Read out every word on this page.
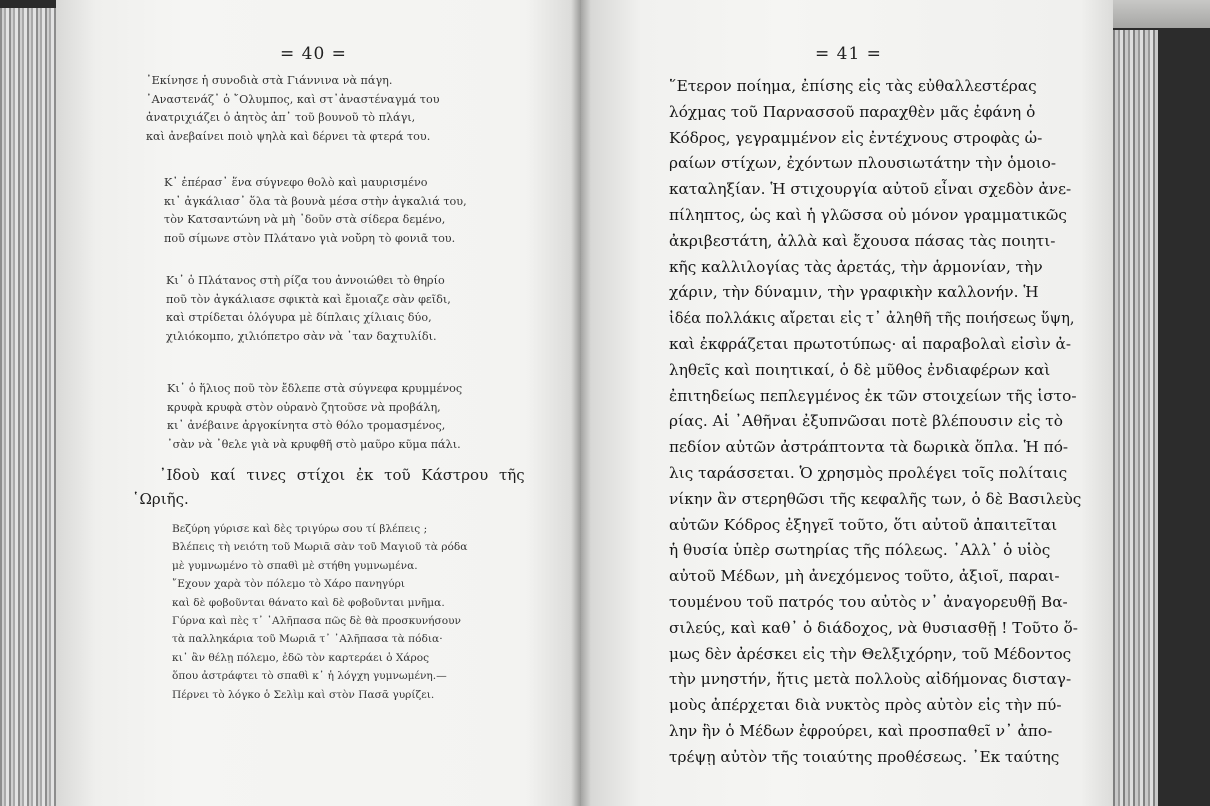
= 40 =
᾿Εκίνησε ἡ συνοδιὰ στὰ Γιάννινα νὰ πάγη.
᾿Αναστενάζ᾽ ὁ ῎Ολυμπος, καὶ στ᾽ἀναστέναγμά του
ἀνατριχιάζει ὁ ἀητὸς ἀπ᾽ τοῦ βουνοῦ τὸ πλάγι,
καὶ ἀνεβαίνει ποιὸ ψηλὰ καὶ δέρνει τὰ φτερά του.
Κ᾽ ἐπέρασ᾽ ἕνα σύγνεφο θολὸ καὶ μαυρισμένο
κι᾽ ἀγκάλιασ᾽ ὅλα τὰ βουνὰ μέσα στὴν ἀγκαλιά του,
τὸν Κατσαντώνη νὰ μὴ ᾽δοῦν στὰ σίδερα δεμένο,
ποῦ σίμωνε στὸν Πλάτανο γιὰ νοὔρη τὸ φονιᾶ του.
Κι᾽ ὁ Πλάτανος στὴ ρίζα του ἀννοιώθει τὸ θηρίο
ποῦ τὸν ἀγκάλιασε σφικτὰ καὶ ἔμοιαζε σὰν φεῖδι,
καὶ στρίδεται ὁλόγυρα μὲ δίπλαις χίλιαις δύο,
χιλιόκομπο, χιλιόπετρο σὰν νὰ ᾽ταν δαχτυλίδι.
Κι᾽ ὁ ἥλιος ποῦ τὸν ἔδλεπε στὰ σύγνεφα κρυμμένος
κρυφὰ κρυφὰ στὸν οὐρανὸ ζητοῦσε νὰ προβάλη,
κι᾽ ἀνέβαινε ἀργοκίνητα στὸ θόλο τρομασμένος,
᾽σὰν νὰ ᾽θελε γιὰ νὰ κρυφθῆ στὸ μαῦρο κῦμα πάλι.
᾿Ιδοὺ καί τινες στίχοι ἐκ τοῦ Κάστρου τῆς
῾Ωριῆς.
Βεζύρη γύρισε καὶ δὲς τριγύρω σου τί βλέπεις ;
Βλέπεις τὴ νειότη τοῦ Μωριᾶ σὰν τοῦ Μαγιοῦ τὰ ρόδα
μὲ γυμνωμένο τὸ σπαθὶ μὲ στήθη γυμνωμένα.
῎Εχουν χαρὰ τὸν πόλεμο τὸ Χάρο πανηγύρι
καὶ δὲ φοβοῦνται θάνατο καὶ δὲ φοβοῦνται μνῆμα.
Γύρνα καὶ πὲς τ᾽ ᾿Αλῆπασα πῶς δὲ θὰ προσκυνήσουν
τὰ παλληκάρια τοῦ Μωριᾶ τ᾽ ᾿Αλῆπασα τὰ πόδια·
κι᾽ ἂν θέλῃ πόλεμο, ἐδῶ τὸν καρτεράει ὁ Χάρος
ὅπου ἀστράφτει τὸ σπαθὶ κ᾽ ἡ λόγχη γυμνωμένη.—
Πέρνει τὸ λόγκο ὁ Σελὶμ καὶ στὸν Πασᾶ γυρίζει.
= 41 =
῞Ετερον ποίημα, ἐπίσης εἰς τὰς εὐθαλλεστέρας
λόχμας τοῦ Παρνασσοῦ παραχθὲν μᾶς ἐφάνη ὁ
Κόδρος, γεγραμμένον εἰς ἐντέχνους στροφὰς ὡ-
ραίων στίχων, ἐχόντων πλουσιωτάτην τὴν ὁμοιο-
καταληξίαν. Ἡ στιχουργία αὐτοῦ εἶναι σχεδὸν ἀνε-
πίληπτος, ὡς καὶ ἡ γλῶσσα οὐ μόνον γραμματικῶς
ἀκριβεστάτη, ἀλλὰ καὶ ἔχουσα πάσας τὰς ποιητι-
κῆς καλλιλογίας τὰς ἀρετάς, τὴν ἁρμονίαν, τὴν
χάριν, τὴν δύναμιν, τὴν γραφικὴν καλλονήν. Ἡ
ἰδέα πολλάκις αἴρεται εἰς τ᾽ ἀληθῆ τῆς ποιήσεως ὕψη,
καὶ ἐκφράζεται πρωτοτύπως· αἱ παραβολαὶ εἰσὶν ἀ-
ληθεῖς καὶ ποιητικαί, ὁ δὲ μῦθος ἐνδιαφέρων καὶ
ἐπιτηδείως πεπλεγμένος ἐκ τῶν στοιχείων τῆς ἱστο-
ρίας. Αἱ ᾿Αθῆναι ἐξυπνῶσαι ποτὲ βλέπουσιν εἰς τὸ
πεδίον αὐτῶν ἀστράπτοντα τὰ δωρικὰ ὅπλα. Ἡ πό-
λις ταράσσεται. Ὁ χρησμὸς προλέγει τοῖς πολίταις
νίκην ἂν στερηθῶσι τῆς κεφαλῆς των, ὁ δὲ Βασιλεὺς
αὐτῶν Κόδρος ἐξηγεῖ τοῦτο, ὅτι αὐτοῦ ἀπαιτεῖται
ἡ θυσία ὑπὲρ σωτηρίας τῆς πόλεως. ᾿Αλλ᾽ ὁ υἱὸς
αὐτοῦ Μέδων, μὴ ἀνεχόμενος τοῦτο, ἀξιοῖ, παραι-
τουμένου τοῦ πατρός του αὐτὸς ν᾽ ἀναγορευθῇ Βα-
σιλεύς, καὶ καθ᾽ ὁ διάδοχος, νὰ θυσιασθῇ ! Τοῦτο ὅ-
μως δὲν ἀρέσκει εἰς τὴν Θελξιχόρην, τοῦ Μέδοντος
τὴν μνηστήν, ἥτις μετὰ πολλοὺς αἰδήμονας δισταγ-
μοὺς ἀπέρχεται διὰ νυκτὸς πρὸς αὐτὸν εἰς τὴν πύ-
λην ἣν ὁ Μέδων ἐφρούρει, καὶ προσπαθεῖ ν᾽ ἀπο-
τρέψῃ αὐτὸν τῆς τοιαύτης προθέσεως. ᾿Εκ ταύτης
